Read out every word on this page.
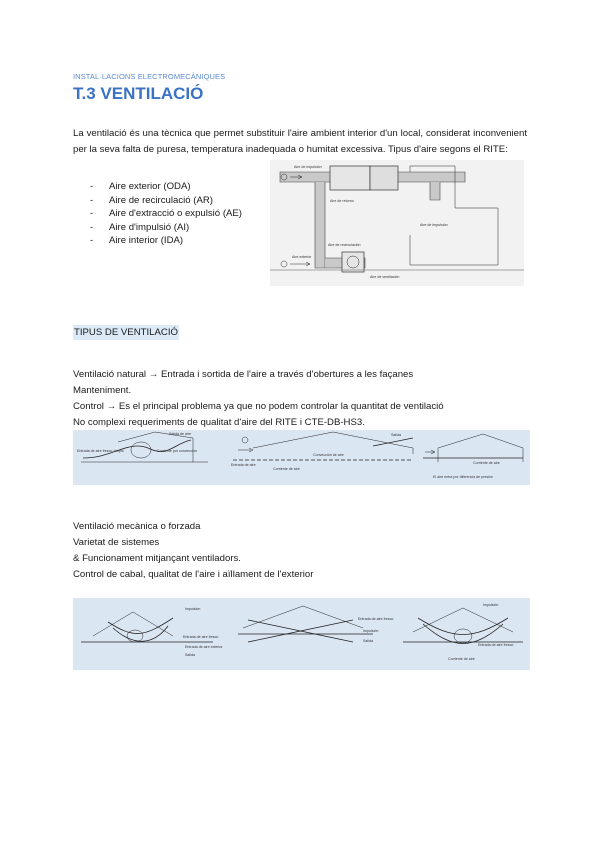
INSTAL·LACIONS ELECTROMECÀNIQUES
T.3 VENTILACIÓ
La ventilació és una tècnica que permet substituir l'aire ambient interior d'un local, considerat inconvenient per la seva falta de puresa, temperatura inadequada o humitat excessiva. Tipus d'aire segons el RITE:
- Aire exterior (ODA)
- Aire de recirculació (AR)
- Aire d'extracció o expulsió (AE)
- Aire d'impulsió (AI)
- Aire interior (IDA)
Aire de expulsión
Aire de retorno
Aire de recirculación
Aire de impulsión
Aire exterior
Aire de ventilación
TIPUS DE VENTILACIÓ
Ventilació natural → Entrada i sortida de l'aire a través d'obertures a les façanes
Manteniment.
Control → Es el principal problema ya que no podem controlar la quantitat de ventilació
No complexi requeriments de qualitat d'aire del RITE i CTE-DB-HS3.
Entrada de aire fresco, limpio
Salida de aire
Corriente por convección
Entrada de aire
Convección de aire
Corriente de aire
Salida
Corriente de aire
El aire entra por diferencia de presión
Ventilació mecànica o forzada
Varietat de sistemes
& Funcionament mitjançant ventiladors.
Control de cabal, qualitat de l'aire i aïllament de l'exterior
Impulsión
Entrada de aire fresco
Entrada de aire exterior
Salida
Entrada de aire fresco
Impulsión
Salida
Impulsión
Entrada de aire fresco
Corriente de aire
